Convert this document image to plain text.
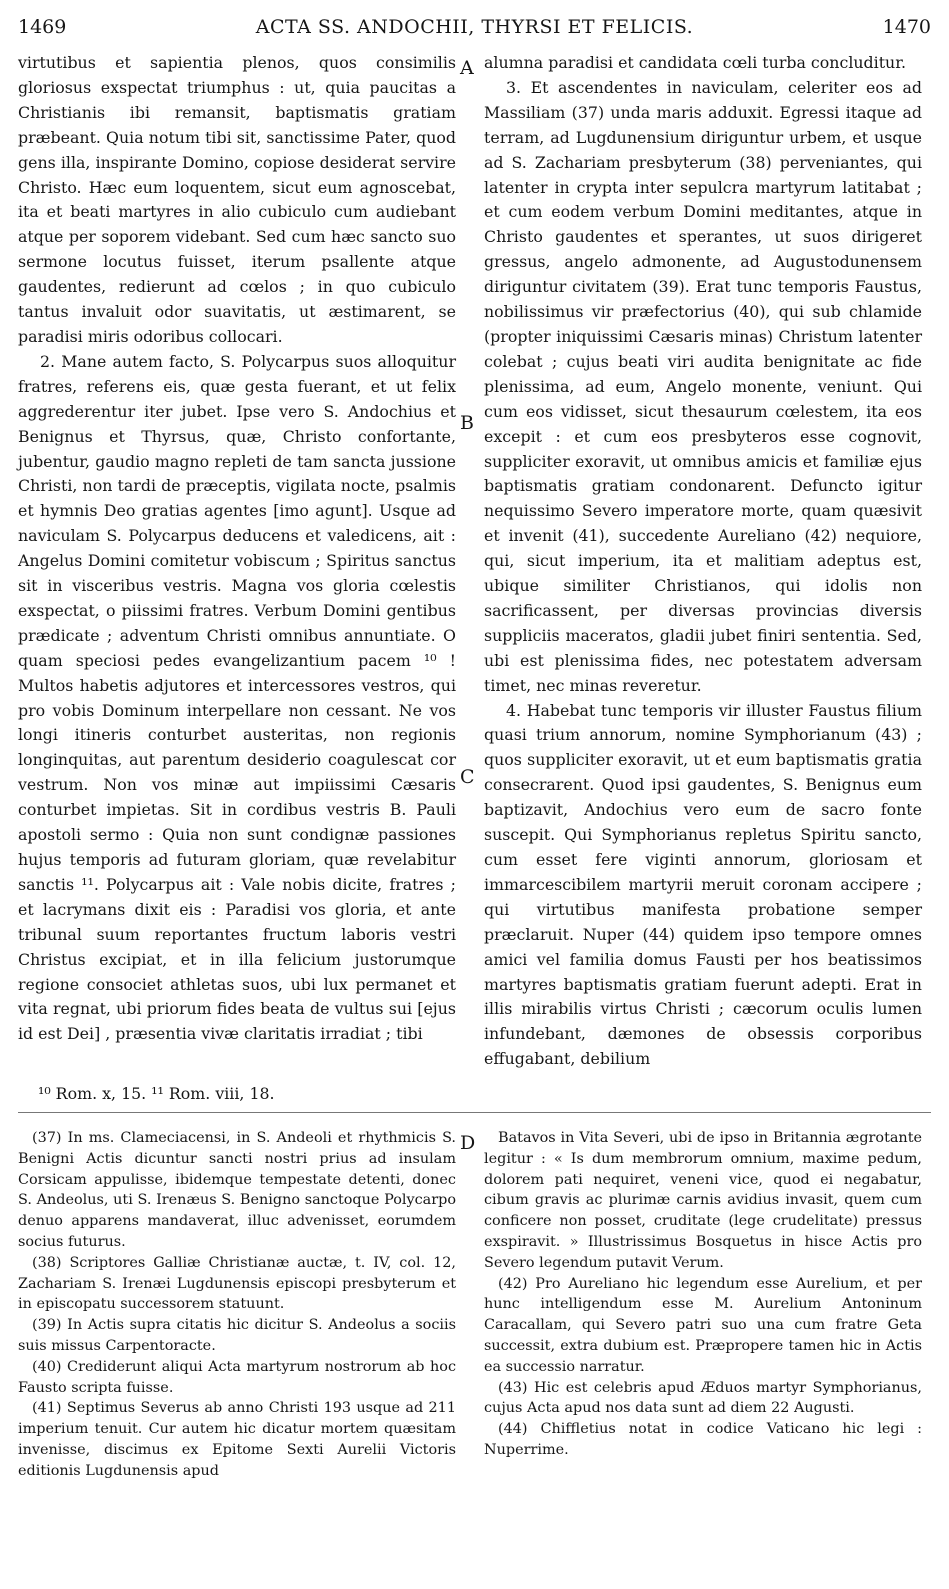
1469	ACTA SS. ANDOCHII, THYRSI ET FELICIS.	1470
A
B
C
D

virtutibus et sapientia plenos, quos consimilis gloriosus exspectat triumphus : ut, quia paucitas a Christianis ibi remansit, baptismatis gratiam præbeant. Quia notum tibi sit, sanctissime Pater, quod gens illa, inspirante Domino, copiose desiderat servire Christo. Hæc eum loquentem, sicut eum agnoscebat, ita et beati martyres in alio cubiculo cum audiebant atque per soporem videbant. Sed cum hæc sancto suo sermone locutus fuisset, iterum psallente atque gaudentes, redierunt ad cœlos ; in quo cubiculo tantus invaluit odor suavitatis, ut æstimarent, se paradisi miris odoribus collocari.

2. Mane autem facto, S. Polycarpus suos alloquitur fratres, referens eis, quæ gesta fuerant, et ut felix aggrederentur iter jubet. Ipse vero S. Andochius et Benignus et Thyrsus, quæ, Christo confortante, jubentur, gaudio magno repleti de tam sancta jussione Christi, non tardi de præceptis, vigilata nocte, psalmis et hymnis Deo gratias agentes [imo agunt]. Usque ad naviculam S. Polycarpus deducens et valedicens, ait : Angelus Domini comitetur vobiscum ; Spiritus sanctus sit in visceribus vestris. Magna vos gloria cœlestis exspectat, o piissimi fratres. Verbum Domini gentibus prædicate ; adventum Christi omnibus annuntiate. O quam speciosi pedes evangelizantium pacem ¹⁰ ! Multos habetis adjutores et intercessores vestros, qui pro vobis Dominum interpellare non cessant. Ne vos longi itineris conturbet austeritas, non regionis longinquitas, aut parentum desiderio coagulescat cor vestrum. Non vos minæ aut impiissimi Cæsaris conturbet impietas. Sit in cordibus vestris B. Pauli apostoli sermo : Quia non sunt condignæ passiones hujus temporis ad futuram gloriam, quæ revelabitur sanctis ¹¹. Polycarpus ait : Vale nobis dicite, fratres ; et lacrymans dixit eis : Paradisi vos gloria, et ante tribunal suum reportantes fructum laboris vestri Christus excipiat, et in illa felicium justorumque regione consociet athletas suos, ubi lux permanet et vita regnat, ubi priorum fides beata de vultus sui [ejus id est Dei] , præsentia vivæ claritatis irradiat ; tibi

alumna paradisi et candidata cœli turba concluditur.

3. Et ascendentes in naviculam, celeriter eos ad Massiliam (37) unda maris adduxit. Egressi itaque ad terram, ad Lugdunensium diriguntur urbem, et usque ad S. Zachariam presbyterum (38) perveniantes, qui latenter in crypta inter sepulcra martyrum latitabat ; et cum eodem verbum Domini meditantes, atque in Christo gaudentes et sperantes, ut suos dirigeret gressus, angelo admonente, ad Augustodunensem diriguntur civitatem (39). Erat tunc temporis Faustus, nobilissimus vir præfectorius (40), qui sub chlamide (propter iniquissimi Cæsaris minas) Christum latenter colebat ; cujus beati viri audita benignitate ac fide plenissima, ad eum, Angelo monente, veniunt. Qui cum eos vidisset, sicut thesaurum cœlestem, ita eos excepit : et cum eos presbyteros esse cognovit, suppliciter exoravit, ut omnibus amicis et familiæ ejus baptismatis gratiam condonarent. Defuncto igitur nequissimo Severo imperatore morte, quam quæsivit et invenit (41), succedente Aureliano (42) nequiore, qui, sicut imperium, ita et malitiam adeptus est, ubique similiter Christianos, qui idolis non sacrificassent, per diversas provincias diversis suppliciis maceratos, gladii jubet finiri sententia. Sed, ubi est plenissima fides, nec potestatem adversam timet, nec minas reveretur.

4. Habebat tunc temporis vir illuster Faustus filium quasi trium annorum, nomine Symphorianum (43) ; quos suppliciter exoravit, ut et eum baptismatis gratia consecrarent. Quod ipsi gaudentes, S. Benignus eum baptizavit, Andochius vero eum de sacro fonte suscepit. Qui Symphorianus repletus Spiritu sancto, cum esset fere viginti annorum, gloriosam et immarcescibilem martyrii meruit coronam accipere ; qui virtutibus manifesta probatione semper præclaruit. Nuper (44) quidem ipso tempore omnes amici vel familia domus Fausti per hos beatissimos martyres baptismatis gratiam fuerunt adepti. Erat in illis mirabilis virtus Christi ; cæcorum oculis lumen infundebant, dæmones de obsessis corporibus effugabant, debilium

¹⁰ Rom. x, 15. ¹¹ Rom. viii, 18.

(37) In ms. Clameciacensi, in S. Andeoli et rhythmicis S. Benigni Actis dicuntur sancti nostri prius ad insulam Corsicam appulisse, ibidemque tempestate detenti, donec S. Andeolus, uti S. Irenæus S. Benigno sanctoque Polycarpo denuo apparens mandaverat, illuc advenisset, eorumdem socius futurus.

(38) Scriptores Galliæ Christianæ auctæ, t. IV, col. 12, Zachariam S. Irenæi Lugdunensis episcopi presbyterum et in episcopatu successorem statuunt.

(39) In Actis supra citatis hic dicitur S. Andeolus a sociis suis missus Carpentoracte.

(40) Crediderunt aliqui Acta martyrum nostrorum ab hoc Fausto scripta fuisse.

(41) Septimus Severus ab anno Christi 193 usque ad 211 imperium tenuit. Cur autem hic dicatur mortem quæsitam invenisse, discimus ex Epitome Sexti Aurelii Victoris editionis Lugdunensis apud

Batavos in Vita Severi, ubi de ipso in Britannia ægrotante legitur : « Is dum membrorum omnium, maxime pedum, dolorem pati nequiret, veneni vice, quod ei negabatur, cibum gravis ac plurimæ carnis avidius invasit, quem cum conficere non posset, cruditate (lege crudelitate) pressus exspiravit. » Illustrissimus Bosquetus in hisce Actis pro Severo legendum putavit Verum.

(42) Pro Aureliano hic legendum esse Aurelium, et per hunc intelligendum esse M. Aurelium Antoninum Caracallam, qui Severo patri suo una cum fratre Geta successit, extra dubium est. Præpropere tamen hic in Actis ea successio narratur.

(43) Hic est celebris apud Æduos martyr Symphorianus, cujus Acta apud nos data sunt ad diem 22 Augusti.

(44) Chiffletius notat in codice Vaticano hic legi : Nuperrime.
